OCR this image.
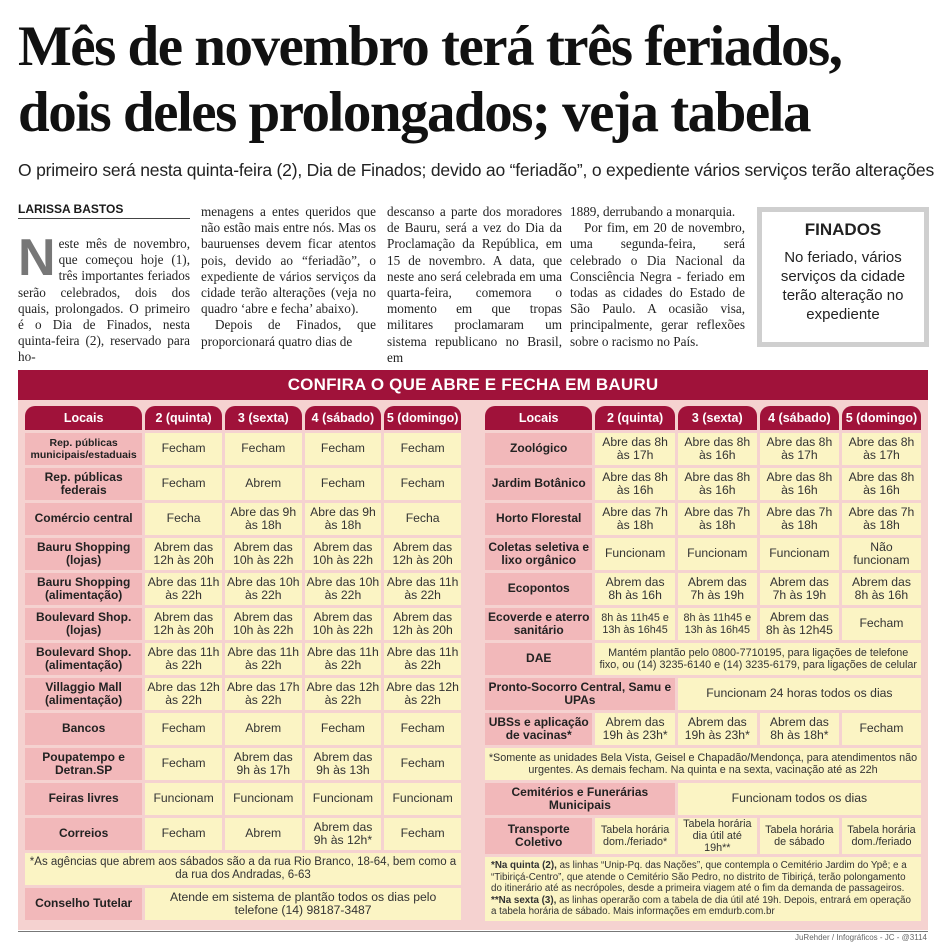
Mês de novembro terá três feriados,
dois deles prolongados; veja tabela
O primeiro será nesta quinta-feira (2), Dia de Finados; devido ao “feriadão”, o expediente vários serviços terão alterações
LARISSA BASTOS

Neste mês de novembro, que começou hoje (1), três importantes feriados serão celebrados, dois dos quais, prolongados. O primeiro é o Dia de Finados, nesta quinta-feira (2), reservado para ho-

menagens a entes queridos que não estão mais entre nós. Mas os bauruenses devem ficar atentos pois, devido ao “feriadão”, o expediente de vários serviços da cidade terão alterações (veja no quadro ‘abre e fecha’ abaixo).

Depois de Finados, que proporcionará quatro dias de

descanso a parte dos moradores de Bauru, será a vez do Dia da Proclamação da República, em 15 de novembro. A data, que neste ano será celebrada em uma quarta-feira, comemora o momento em que tropas militares proclamaram um sistema republicano no Brasil, em

1889, derrubando a monarquia.

Por fim, em 20 de novembro, uma segunda-feira, será celebrado o Dia Nacional da Consciência Negra - feriado em todas as cidades do Estado de São Paulo. A ocasião visa, principalmente, gerar reflexões sobre o racismo no País.

FINADOS
No feriado, vários serviços da cidade terão alteração no expediente
CONFIRA O QUE ABRE E FECHA EM BAURU
Locais	2 (quinta)	3 (sexta)	4 (sábado)	5 (domingo)
Rep. públicas municipais/estaduais	Fecham	Fecham	Fecham	Fecham
Rep. públicas federais	Fecham	Abrem	Fecham	Fecham
Comércio central	Fecha	Abre das 9h às 18h	Abre das 9h às 18h	Fecha
Bauru Shopping (lojas)	Abrem das 12h às 20h	Abrem das 10h às 22h	Abrem das 10h às 22h	Abrem das 12h às 20h
Bauru Shopping (alimentação)	Abre das 11h às 22h	Abre das 10h às 22h	Abre das 10h às 22h	Abre das 11h às 22h
Boulevard Shop. (lojas)	Abrem das 12h às 20h	Abrem das 10h às 22h	Abrem das 10h às 22h	Abrem das 12h às 20h
Boulevard Shop. (alimentação)	Abre das 11h às 22h	Abre das 11h às 22h	Abre das 11h às 22h	Abre das 11h às 22h
Villaggio Mall (alimentação)	Abre das 12h às 22h	Abre das 17h às 22h	Abre das 12h às 22h	Abre das 12h às 22h
Bancos	Fecham	Abrem	Fecham	Fecham
Poupatempo e Detran.SP	Fecham	Abrem das 9h às 17h	Abrem das 9h às 13h	Fecham
Feiras livres	Funcionam	Funcionam	Funcionam	Funcionam
Correios	Fecham	Abrem	Abrem das 9h às 12h*	Fecham
*As agências que abrem aos sábados são a da rua Rio Branco, 18-64, bem como a da rua dos Andradas, 6-63				
Conselho Tutelar	Atende em sistema de plantão todos os dias pelo telefone (14) 98187-3487			
Locais	2 (quinta)	3 (sexta)	4 (sábado)	5 (domingo)
Zoológico	Abre das 8h às 17h	Abre das 8h às 16h	Abre das 8h às 17h	Abre das 8h às 17h
Jardim Botânico	Abre das 8h às 16h	Abre das 8h às 16h	Abre das 8h às 16h	Abre das 8h às 16h
Horto Florestal	Abre das 7h às 18h	Abre das 7h às 18h	Abre das 7h às 18h	Abre das 7h às 18h
Coletas seletiva e lixo orgânico	Funcionam	Funcionam	Funcionam	Não funcionam
Ecopontos	Abrem das 8h às 16h	Abrem das 7h às 19h	Abrem das 7h às 19h	Abrem das 8h às 16h
Ecoverde e aterro sanitário	8h às 11h45 e 13h às 16h45	8h às 11h45 e 13h às 16h45	Abrem das 8h às 12h45	Fecham
DAE	Mantém plantão pelo 0800-7710195, para ligações de telefone fixo, ou (14) 3235-6140 e (14) 3235-6179, para ligações de celular			
Pronto-Socorro Central, Samu e UPAs		Funcionam 24 horas todos os dias		
UBSs e aplicação de vacinas*	Abrem das 19h às 23h*	Abrem das 19h às 23h*	Abrem das 8h às 18h*	Fecham
*Somente as unidades Bela Vista, Geisel e Chapadão/Mendonça, para atendimentos não urgentes. As demais fecham. Na quinta e na sexta, vacinação até as 22h				
Cemitérios e Funerárias Municipais		Funcionam todos os dias		
Transporte Coletivo	Tabela horária dom./feriado*	Tabela horária dia útil até 19h**	Tabela horária de sábado	Tabela horária dom./feriado
*Na quinta (2), as linhas “Unip-Pq. das Nações”, que contempla o Cemitério Jardim do Ypê; e a “Tibiriçá-Centro”, que atende o Cemitério São Pedro, no distrito de Tibiriçá, terão polongamento do itinerário até as necrópoles, desde a primeira viagem até o fim da demanda de passageiros.
**Na sexta (3), as linhas operarão com a tabela de dia útil até 19h. Depois, entrará em operação a tabela horária de sábado. Mais informações em emdurb.com.br				
JuRehder / Infográficos - JC - @3114
